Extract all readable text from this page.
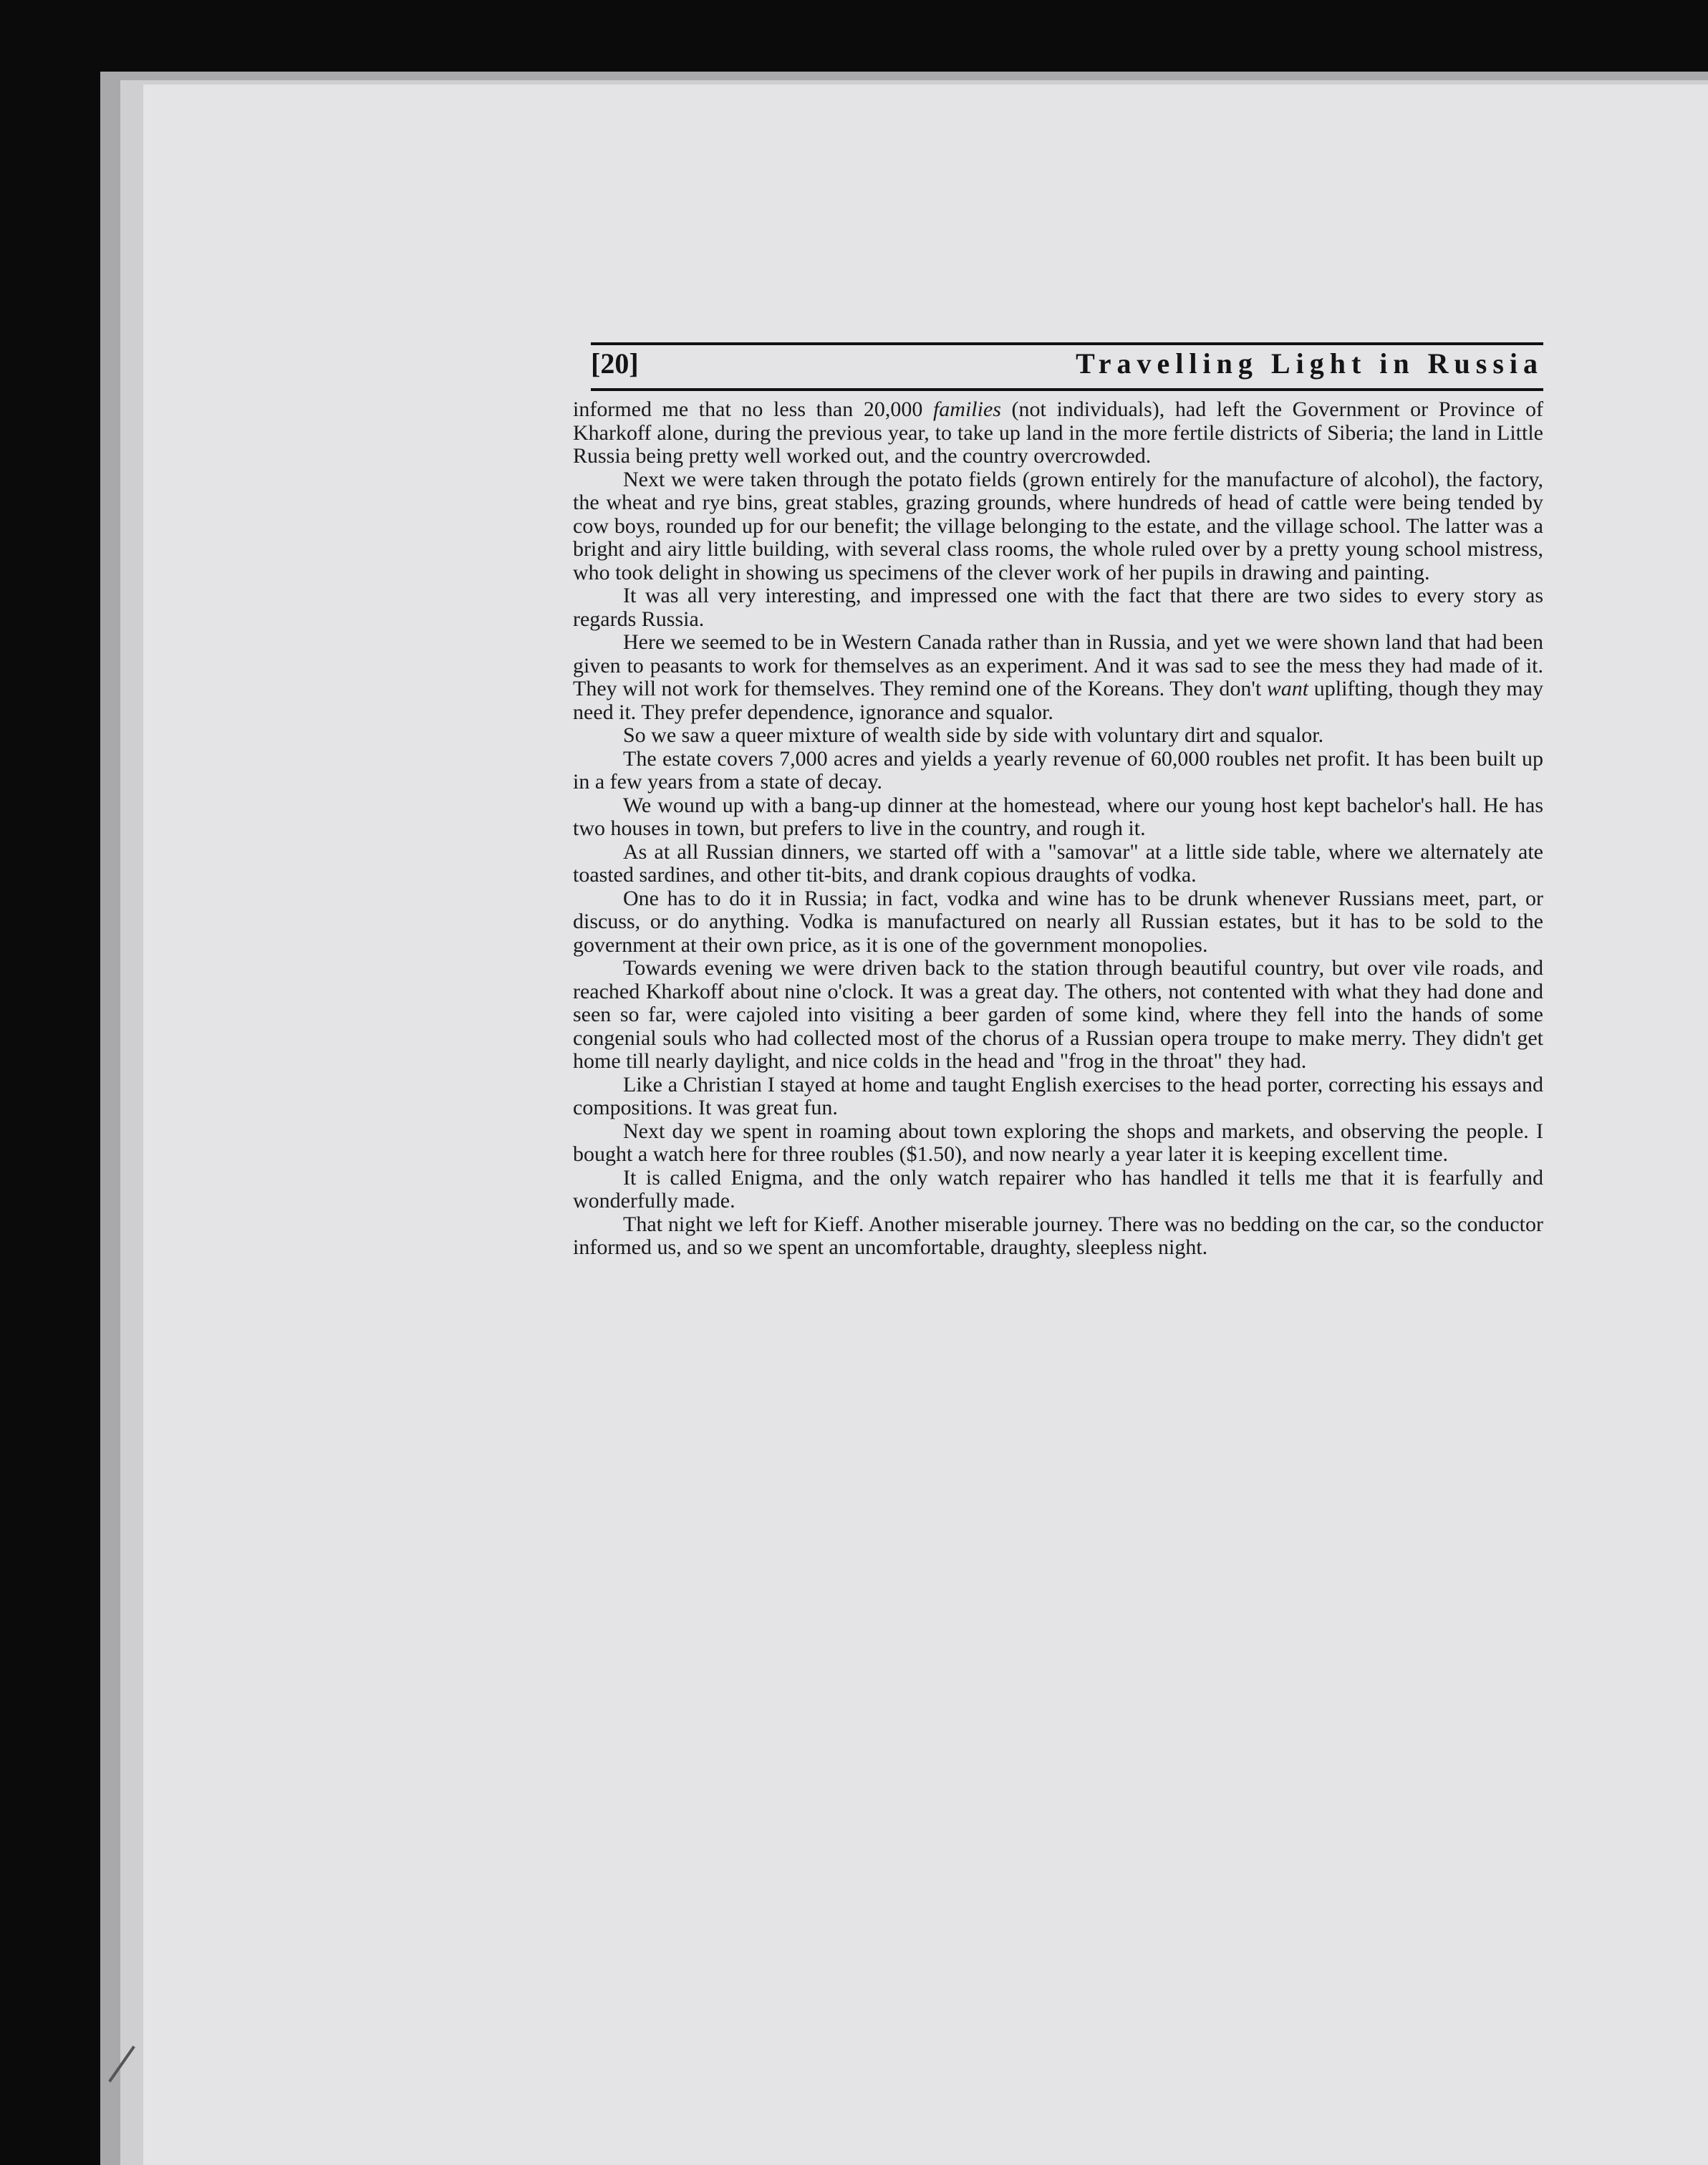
[20]	Travelling Light in Russia

informed me that no less than 20,000 families (not individuals), had left the Government or Province of Kharkoff alone, during the previous year, to take up land in the more fertile districts of Siberia; the land in Little Russia being pretty well worked out, and the country overcrowded.

Next we were taken through the potato fields (grown entirely for the manufacture of alcohol), the factory, the wheat and rye bins, great stables, grazing grounds, where hundreds of head of cattle were being tended by cow boys, rounded up for our benefit; the village belonging to the estate, and the village school. The latter was a bright and airy little building, with several class rooms, the whole ruled over by a pretty young school mistress, who took delight in showing us specimens of the clever work of her pupils in drawing and painting.

It was all very interesting, and impressed one with the fact that there are two sides to every story as regards Russia.

Here we seemed to be in Western Canada rather than in Russia, and yet we were shown land that had been given to peasants to work for themselves as an experiment. And it was sad to see the mess they had made of it. They will not work for themselves. They remind one of the Koreans. They don't want uplifting, though they may need it. They prefer dependence, ignorance and squalor.

So we saw a queer mixture of wealth side by side with voluntary dirt and squalor.

The estate covers 7,000 acres and yields a yearly revenue of 60,000 roubles net profit. It has been built up in a few years from a state of decay.

We wound up with a bang-up dinner at the homestead, where our young host kept bachelor's hall. He has two houses in town, but prefers to live in the country, and rough it.

As at all Russian dinners, we started off with a "samovar" at a little side table, where we alternately ate toasted sardines, and other tit-bits, and drank copious draughts of vodka.

One has to do it in Russia; in fact, vodka and wine has to be drunk whenever Russians meet, part, or discuss, or do anything. Vodka is manufactured on nearly all Russian estates, but it has to be sold to the government at their own price, as it is one of the government monopolies.

Towards evening we were driven back to the station through beautiful country, but over vile roads, and reached Kharkoff about nine o'clock. It was a great day. The others, not contented with what they had done and seen so far, were cajoled into visiting a beer garden of some kind, where they fell into the hands of some congenial souls who had collected most of the chorus of a Russian opera troupe to make merry. They didn't get home till nearly daylight, and nice colds in the head and "frog in the throat" they had.

Like a Christian I stayed at home and taught English exercises to the head porter, correcting his essays and compositions. It was great fun.

Next day we spent in roaming about town exploring the shops and markets, and observing the people. I bought a watch here for three roubles ($1.50), and now nearly a year later it is keeping excellent time.

It is called Enigma, and the only watch repairer who has handled it tells me that it is fearfully and wonderfully made.

That night we left for Kieff. Another miserable journey. There was no bedding on the car, so the conductor informed us, and so we spent an uncomfortable, draughty, sleepless night.
